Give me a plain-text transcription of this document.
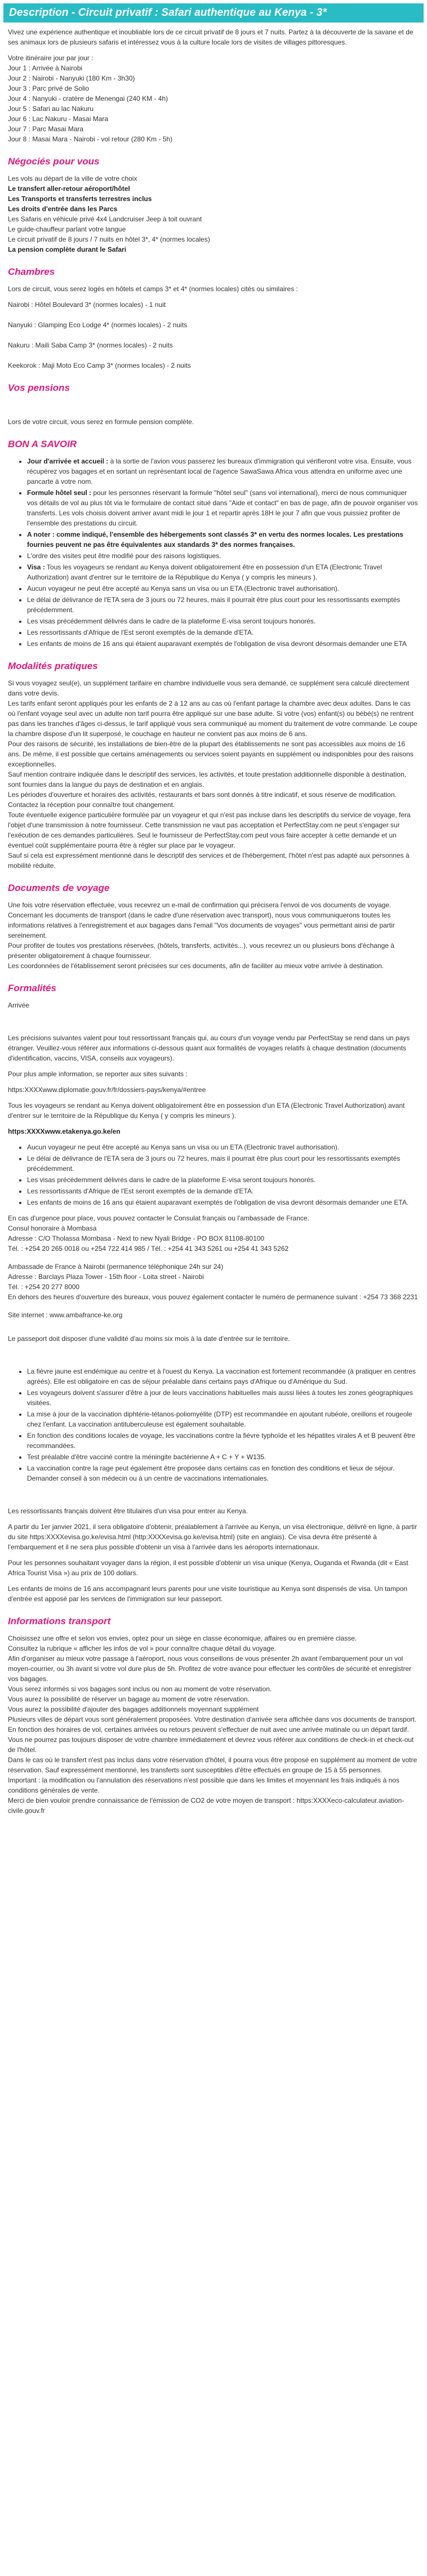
Description - Circuit privatif : Safari authentique au Kenya - 3*

Vivez une expérience authentique et inoubliable lors de ce circuit privatif de 8 jours et 7 nuits. Partez à la découverte de la savane et de ses animaux lors de plusieurs safaris et intéressez vous à la culture locale lors de visites de villages pittoresques.

Votre itinéraire jour par jour :
Jour 1 : Arrivée à Nairobi
Jour 2 : Nairobi - Nanyuki (180 Km - 3h30)
Jour 3 : Parc privé de Solio
Jour 4 : Nanyuki - cratère de Menengai (240 KM - 4h)
Jour 5 : Safari au lac Nakuru
Jour 6 : Lac Nakuru - Masai Mara
Jour 7 : Parc Masai Mara
Jour 8 : Masai Mara - Nairobi - vol retour (280 Km - 5h)
Négociés pour vous
Les vols au départ de la ville de votre choix
Le transfert aller-retour aéroport/hôtel
Les Transports et transferts terrestres inclus
Les droits d'entrée dans les Parcs
Les Safaris en véhicule privé 4x4 Landcruiser Jeep à toit ouvrant
Le guide-chauffeur parlant votre langue
Le circuit privatif de 8 jours / 7 nuits en hôtel 3*, 4* (normes locales)
La pension complète durant le Safari
Chambres

Lors de circuit, vous serez logés en hôtels et camps 3* et 4* (normes locales) cités ou similaires :

Nairobi : Hôtel Boulevard 3* (normes locales) - 1 nuit
Nanyuki : Glamping Eco Lodge 4* (normes locales) - 2 nuits
Nakuru : Maili Saba Camp 3* (normes locales) - 2 nuits
Keekorok : Maji Moto Eco Camp 3* (normes locales) - 2 nuits
Vos pensions

Lors de votre circuit, vous serez en formule pension complète.

BON A SAVOIR
• Jour d'arrivée et accueil : à la sortie de l'avion vous passerez les bureaux d'immigration qui vérifieront votre visa. Ensuite, vous récupérez vos bagages et en sortant un représentant local de l'agence SawaSawa Africa vous attendra en uniforme avec une pancarte à votre nom.
• Formule hôtel seul : pour les personnes réservant la formule "hôtel seul" (sans vol international), merci de nous communiquer vos détails de vol au plus tôt via le formulaire de contact situé dans "Aide et contact" en bas de page, afin de pouvoir organiser vos transferts. Les vols choisis doivent arriver avant midi le jour 1 et repartir après 18H le jour 7 afin que vous puissiez profiter de l'ensemble des prestations du circuit.
• A noter : comme indiqué, l'ensemble des hébergements sont classés 3* en vertu des normes locales. Les prestations fournies peuvent ne pas être équivalentes aux standards 3* des normes françaises.
• L'ordre des visites peut être modifié pour des raisons logistiques.
• Visa : Tous les voyageurs se rendant au Kenya doivent obligatoirement être en possession d'un ETA (Electronic Travel Authorization) avant d'entrer sur le territoire de la République du Kenya ( y compris les mineurs ).
• Aucun voyageur ne peut être accepté au Kenya sans un visa ou un ETA (Electronic travel authorisation).
• Le délai de délivrance de l'ETA sera de 3 jours ou 72 heures, mais il pourrait être plus court pour les ressortissants exemptés précédemment.
• Les visas précédemment délivrés dans le cadre de la plateforme E-visa seront toujours honorés.
• Les ressortissants d'Afrique de l'Est seront exemptés de la demande d'ETA.
• Les enfants de moins de 16 ans qui étaient auparavant exemptés de l'obligation de visa devront désormais demander une ETA
Modalités pratiques
Si vous voyagez seul(e), un supplément tarifaire en chambre individuelle vous sera demandé, ce supplément sera calculé directement dans votre devis.
Les tarifs enfant seront appliqués pour les enfants de 2 à 12 ans au cas où l'enfant partage la chambre avec deux adultes. Dans le cas où l'enfant voyage seul avec un adulte non tarif pourra être appliqué sur une base adulte. Si votre (vos) enfant(s) ou bébé(s) ne rentrent pas dans les tranches d'âges ci-dessus, le tarif appliqué vous sera communiqué au moment du traitement de votre commande. Le coupe la chambre dispose d'un lit superposé, le couchage en hauteur ne convient pas aux moins de 6 ans.
Pour des raisons de sécurité, les installations de bien-être de la plupart des établissements ne sont pas accessibles aux moins de 16 ans. De même, il est possible que certains aménagements ou services soient payants en supplément ou indisponibles pour des raisons exceptionnelles.
Sauf mention contraire indiquée dans le descriptif des services, les activités, et toute prestation additionnelle disponible à destination, sont fournies dans la langue du pays de destination et en anglais.
Les périodes d'ouverture et horaires des activités, restaurants et bars sont donnés à titre indicatif, et sous réserve de modification. Contactez la réception pour connaître tout changement.
Toute éventuelle exigence particulière formulée par un voyageur et qui n'est pas incluse dans les descriptifs du service de voyage, fera l'objet d'une transmission à notre fournisseur. Cette transmission ne vaut pas acceptation et PerfectStay.com ne peut s'engager sur l'exécution de ces demandes particulières. Seul le fournisseur de PerfectStay.com peut vous faire accepter à cette demande et un éventuel coût supplémentaire pourra être à régler sur place par le voyageur.
Sauf si cela est expressément mentionné dans le descriptif des services et de l'hébergement, l'hôtel n'est pas adapté aux personnes à mobilité réduite.
Documents de voyage
Une fois votre réservation effectuée, vous recevrez un e-mail de confirmation qui précisera l'envoi de vos documents de voyage.
Concernant les documents de transport (dans le cadre d'une réservation avec transport), nous vous communiquerons toutes les informations relatives à l'enregistrement et aux bagages dans l'email "Vos documents de voyages" vous permettant ainsi de partir sereinement.
Pour profiter de toutes vos prestations réservées, (hôtels, transferts, activités...), vous recevrez un ou plusieurs bons d'échange à présenter obligatoirement à chaque fournisseur.
Les coordonnées de l'établissement seront précisées sur ces documents, afin de faciliter au mieux votre arrivée à destination.
Formalités

Arrivée

Les précisions suivantes valent pour tout ressortissant français qui, au cours d'un voyage vendu par PerfectStay se rend dans un pays étranger. Veuillez-vous référer aux informations ci-dessous quant aux formalités de voyages relatifs à chaque destination (documents d'identification, vaccins, VISA, conseils aux voyageurs).

Pour plus ample information, se reporter aux sites suivants :

https:XXXXwww.diplomatie.gouv.fr/fr/dossiers-pays/kenya/#entree

Tous les voyageurs se rendant au Kenya doivent obligatoirement être en possession d'un ETA (Electronic Travel Authorization) avant d'entrer sur le territoire de la République du Kenya ( y compris les mineurs ).

https:XXXXwww.etakenya.go.ke/en

• Aucun voyageur ne peut être accepté au Kenya sans un visa ou un ETA (Electronic travel authorisation).
• Le délai de délivrance de l'ETA sera de 3 jours ou 72 heures, mais il pourrait être plus court pour les ressortissants exemptés précédemment.
• Les visas précédemment délivrés dans le cadre de la plateforme E-visa seront toujours honorés.
• Les ressortissants d'Afrique de l'Est seront exemptés de la demande d'ETA.
• Les enfants de moins de 16 ans qui étaient auparavant exemptés de l'obligation de visa devront désormais demander une ETA.
En cas d'urgence pour place, vous pouvez contacter le Consulat français ou l'ambassade de France.
Consul honoraire à Mombasa
Adresse : C/O Tholassa Mombasa - Next to new Nyali Bridge - PO BOX 81108-80100
Tél. : +254 20 265 0018 ou +254 722 414 985 / Tél. : +254 41 343 5261 ou +254 41 343 5262
Ambassade de France à Nairobi (permanence téléphonique 24h sur 24)
Adresse : Barclays Plaza Tower - 15th floor - Loita street - Nairobi
Tél. : +254 20 277 8000
En dehors des heures d'ouverture des bureaux, vous pouvez également contacter le numéro de permanence suivant : +254 73 368 2231

Site internet : www.ambafrance-ke.org

Le passeport doit disposer d'une validité d'au moins six mois à la date d'entrée sur le territoire.

• La fièvre jaune est endémique au centre et à l'ouest du Kenya. La vaccination est fortement recommandée (à pratiquer en centres agréés). Elle est obligatoire en cas de séjour préalable dans certains pays d'Afrique ou d'Amérique du Sud.
• Les voyageurs doivent s'assurer d'être à jour de leurs vaccinations habituelles mais aussi liées à toutes les zones géographiques visitées.
• La mise à jour de la vaccination diphtérie-tétanos-poliomyélite (DTP) est recommandée en ajoutant rubéole, oreillons et rougeole chez l'enfant. La vaccination antituberculeuse est également souhaitable.
• En fonction des conditions locales de voyage, les vaccinations contre la fièvre typhoïde et les hépatites virales A et B peuvent être recommandées.
• Test préalable d'être vacciné contre la méningite bactérienne A + C + Y + W135.
• La vaccination contre la rage peut également être proposée dans certains cas en fonction des conditions et lieux de séjour. Demander conseil à son médecin ou à un centre de vaccinations internationales.

Les ressortissants français doivent être titulaires d'un visa pour entrer au Kenya.

A partir du 1er janvier 2021, il sera obligatoire d'obtenir, préalablement à l'arrivée au Kenya, un visa électronique, délivré en ligne, à partir du site https:XXXXevisa.go.ke/evisa.html (http:XXXXevisa.go.ke/evisa.html) (site en anglais). Ce visa devra être présenté à l'embarquement et il ne sera plus possible d'obtenir un visa à l'arrivée dans les aéroports internationaux.

Pour les personnes souhaitant voyager dans la région, il est possible d'obtenir un visa unique (Kenya, Ouganda et Rwanda (dit « East Africa Tourist Visa ») au prix de 100 dollars.

Les enfants de moins de 16 ans accompagnant leurs parents pour une visite touristique au Kenya sont dispensés de visa. Un tampon d'entrée est apposé par les services de l'immigration sur leur passeport.

Informations transport
Choisissez une offre et selon vos envies, optez pour un siège en classe économique, affaires ou en première classe.
Consultez la rubrique « afficher les infos de vol » pour connaître chaque détail du voyage.
Afin d'organiser au mieux votre passage à l'aéroport, nous vous conseillons de vous présenter 2h avant l'embarquement pour un vol moyen-courrier, ou 3h avant si votre vol dure plus de 5h. Profitez de votre avance pour effectuer les contrôles de sécurité et enregistrer vos bagages.
Vous serez informés si vos bagages sont inclus ou non au moment de votre réservation.
Vous aurez la possibilité de réserver un bagage au moment de votre réservation.
Vous aurez la possibilité d'ajouter des bagages additionnels moyennant supplément
Plusieurs villes de départ vous sont généralement proposées. Votre destination d'arrivée sera affichée dans vos documents de transport.
En fonction des horaires de vol, certaines arrivées ou retours peuvent s'effectuer de nuit avec une arrivée matinale ou un départ tardif. Vous ne pourrez pas toujours disposer de votre chambre immédiatement et devrez vous référer aux conditions de check-in et check-out de l'hôtel.
Dans le cas où le transfert n'est pas inclus dans votre réservation d'hôtel, il pourra vous être proposé en supplément au moment de votre réservation. Sauf expressément mentionné, les transferts sont susceptibles d'être effectués en groupe de 15 à 55 personnes.
Important : la modification ou l'annulation des réservations n'est possible que dans les limites et moyennant les frais indiqués à nos conditions générales de vente.
Merci de bien vouloir prendre connaissance de l'émission de CO2 de votre moyen de transport : https:XXXXeco-calculateur.aviation-civile.gouv.fr
